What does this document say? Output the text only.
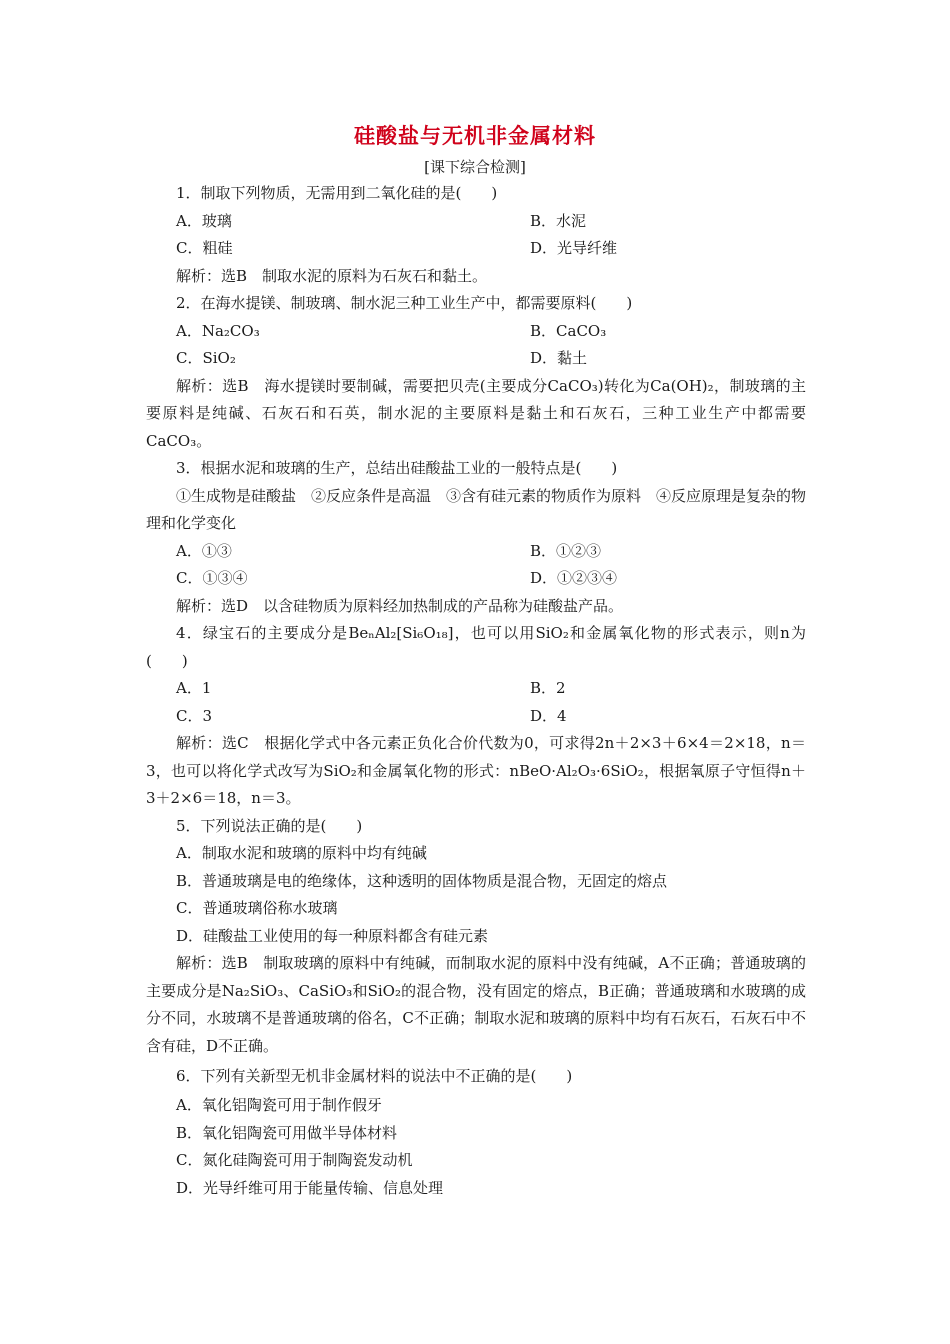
硅酸盐与无机非金属材料
[课下综合检测]
1．制取下列物质，无需用到二氧化硅的是(　　)
A．玻璃	B．水泥
C．粗硅	D．光导纤维
解析：选B　制取水泥的原料为石灰石和黏土。
2．在海水提镁、制玻璃、制水泥三种工业生产中，都需要原料(　　)
A．Na₂CO₃	B．CaCO₃
C．SiO₂	D．黏土
解析：选B　海水提镁时要制碱，需要把贝壳(主要成分CaCO₃)转化为Ca(OH)₂，制玻璃的主要原料是纯碱、石灰石和石英，制水泥的主要原料是黏土和石灰石，三种工业生产中都需要CaCO₃。
3．根据水泥和玻璃的生产，总结出硅酸盐工业的一般特点是(　　)
①生成物是硅酸盐　②反应条件是高温　③含有硅元素的物质作为原料　④反应原理是复杂的物理和化学变化
A．①③	B．①②③
C．①③④	D．①②③④
解析：选D　以含硅物质为原料经加热制成的产品称为硅酸盐产品。
4．绿宝石的主要成分是BeₙAl₂[Si₆O₁₈]，也可以用SiO₂和金属氧化物的形式表示，则n为(　　)
A．1	B．2
C．3	D．4
解析：选C　根据化学式中各元素正负化合价代数为0，可求得2n＋2×3＋6×4＝2×18，n＝3，也可以将化学式改写为SiO₂和金属氧化物的形式：nBeO·Al₂O₃·6SiO₂，根据氧原子守恒得n＋3＋2×6＝18，n＝3。
5．下列说法正确的是(　　)
A．制取水泥和玻璃的原料中均有纯碱
B．普通玻璃是电的绝缘体，这种透明的固体物质是混合物，无固定的熔点
C．普通玻璃俗称水玻璃
D．硅酸盐工业使用的每一种原料都含有硅元素
解析：选B　制取玻璃的原料中有纯碱，而制取水泥的原料中没有纯碱，A不正确；普通玻璃的主要成分是Na₂SiO₃、CaSiO₃和SiO₂的混合物，没有固定的熔点，B正确；普通玻璃和水玻璃的成分不同，水玻璃不是普通玻璃的俗名，C不正确；制取水泥和玻璃的原料中均有石灰石，石灰石中不含有硅，D不正确。
6．下列有关新型无机非金属材料的说法中不正确的是(　　)
A．氧化铝陶瓷可用于制作假牙
B．氧化铝陶瓷可用做半导体材料
C．氮化硅陶瓷可用于制陶瓷发动机
D．光导纤维可用于能量传输、信息处理
